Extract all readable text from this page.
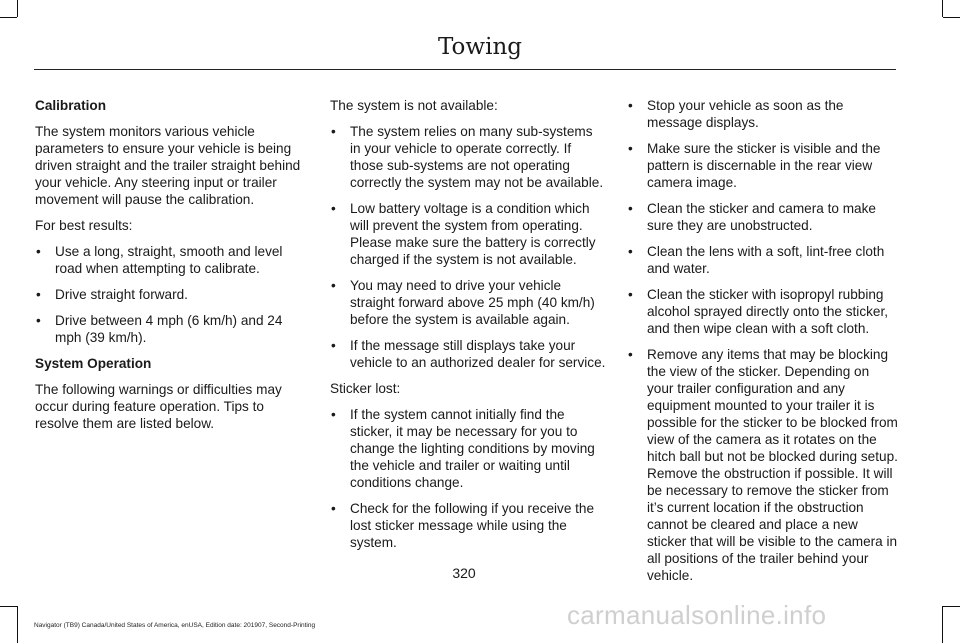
Towing

Calibration

The system monitors various vehicle parameters to ensure your vehicle is being driven straight and the trailer straight behind your vehicle. Any steering input or trailer movement will pause the calibration.

For best results:

• Use a long, straight, smooth and level road when attempting to calibrate.
• Drive straight forward.
• Drive between 4 mph (6 km/h) and 24 mph (39 km/h).

System Operation

The following warnings or difficulties may occur during feature operation. Tips to resolve them are listed below.

The system is not available:

• The system relies on many sub-systems in your vehicle to operate correctly. If those sub-systems are not operating correctly the system may not be available.
• Low battery voltage is a condition which will prevent the system from operating. Please make sure the battery is correctly charged if the system is not available.
• You may need to drive your vehicle straight forward above 25 mph (40 km/h) before the system is available again.
• If the message still displays take your vehicle to an authorized dealer for service.

Sticker lost:

• If the system cannot initially find the sticker, it may be necessary for you to change the lighting conditions by moving the vehicle and trailer or waiting until conditions change.
• Check for the following if you receive the lost sticker message while using the system.
• Stop your vehicle as soon as the message displays.
• Make sure the sticker is visible and the pattern is discernable in the rear view camera image.
• Clean the sticker and camera to make sure they are unobstructed.
• Clean the lens with a soft, lint-free cloth and water.
• Clean the sticker with isopropyl rubbing alcohol sprayed directly onto the sticker, and then wipe clean with a soft cloth.
• Remove any items that may be blocking the view of the sticker. Depending on your trailer configuration and any equipment mounted to your trailer it is possible for the sticker to be blocked from view of the camera as it rotates on the hitch ball but not be blocked during setup. Remove the obstruction if possible. It will be necessary to remove the sticker from it’s current location if the obstruction cannot be cleared and place a new sticker that will be visible to the camera in all positions of the trailer behind your vehicle.
320
Navigator (TB9) Canada/United States of America, enUSA, Edition date: 201907, Second-Printing	carmanualsonline.info
